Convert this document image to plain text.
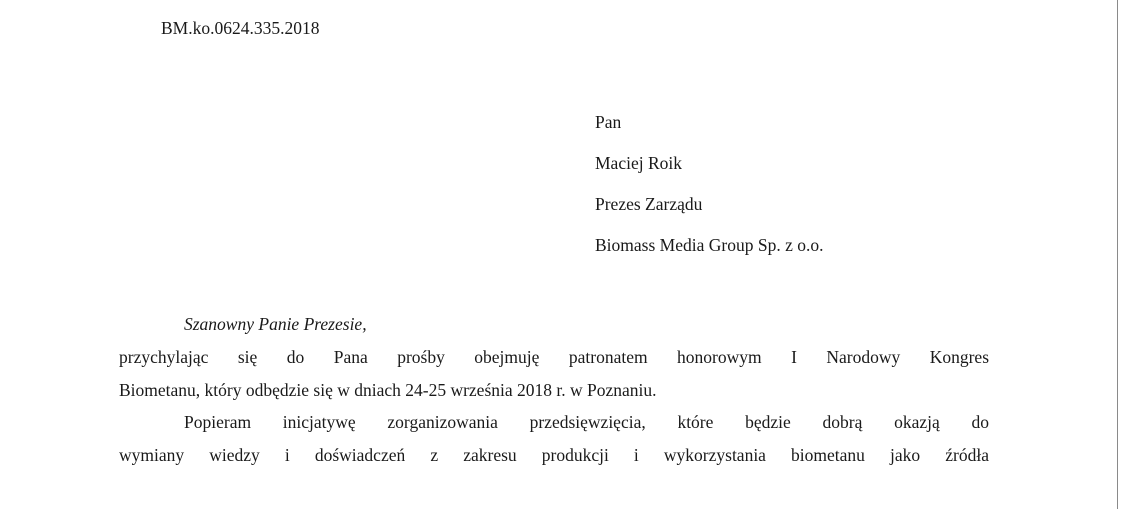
BM.ko.0624.335.2018
Pan
Maciej Roik
Prezes Zarządu
Biomass Media Group Sp. z o.o.
Szanowny Panie Prezesie,
przychylając się do Pana prośby obejmuję patronatem honorowym I Narodowy Kongres
Biometanu, który odbędzie się w dniach 24-25 września 2018 r. w Poznaniu.
Popieram inicjatywę zorganizowania przedsięwzięcia, które będzie dobrą okazją do
wymiany wiedzy i doświadczeń z zakresu produkcji i wykorzystania biometanu jako źródła
